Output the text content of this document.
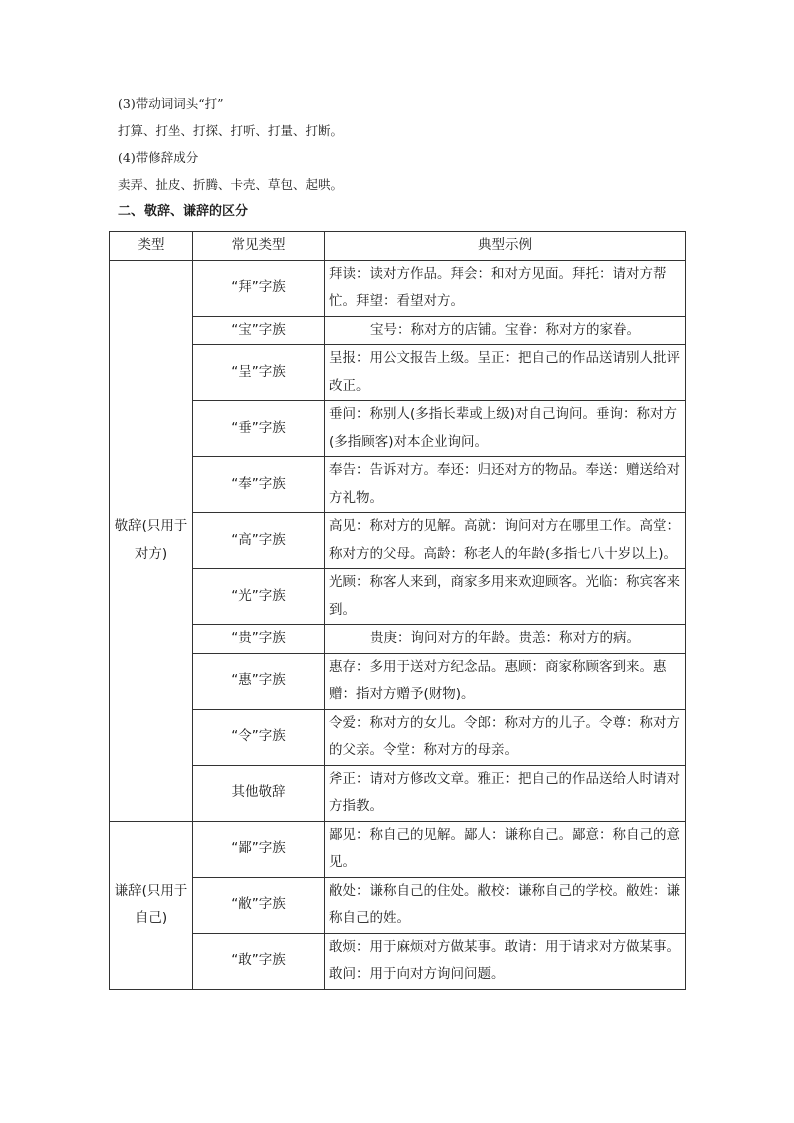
(3)带动词词头“打”
打算、打坐、打探、打听、打量、打断。
(4)带修辞成分
卖弄、扯皮、折腾、卡壳、草包、起哄。
二、敬辞、谦辞的区分
类型	常见类型	典型示例
敬辞(只用于对方)	“拜”字族	拜读：读对方作品。拜会：和对方见面。拜托：请对方帮忙。拜望：看望对方。
	“宝”字族	宝号：称对方的店铺。宝眷：称对方的家眷。
	“呈”字族	呈报：用公文报告上级。呈正：把自己的作品送请别人批评改正。
	“垂”字族	垂问：称别人(多指长辈或上级)对自己询问。垂询：称对方(多指顾客)对本企业询问。
	“奉”字族	奉告：告诉对方。奉还：归还对方的物品。奉送：赠送给对方礼物。
	“高”字族	高见：称对方的见解。高就：询问对方在哪里工作。高堂：称对方的父母。高龄：称老人的年龄(多指七八十岁以上)。
	“光”字族	光顾：称客人来到，商家多用来欢迎顾客。光临：称宾客来到。
	“贵”字族	贵庚：询问对方的年龄。贵恙：称对方的病。
	“惠”字族	惠存：多用于送对方纪念品。惠顾：商家称顾客到来。惠赠：指对方赠予(财物)。
	“令”字族	令爱：称对方的女儿。令郎：称对方的儿子。令尊：称对方的父亲。令堂：称对方的母亲。
	其他敬辞	斧正：请对方修改文章。雅正：把自己的作品送给人时请对方指教。
谦辞(只用于自己)	“鄙”字族	鄙见：称自己的见解。鄙人：谦称自己。鄙意：称自己的意见。
	“敝”字族	敝处：谦称自己的住处。敝校：谦称自己的学校。敝姓：谦称自己的姓。
	“敢”字族	敢烦：用于麻烦对方做某事。敢请：用于请求对方做某事。敢问：用于向对方询问问题。
